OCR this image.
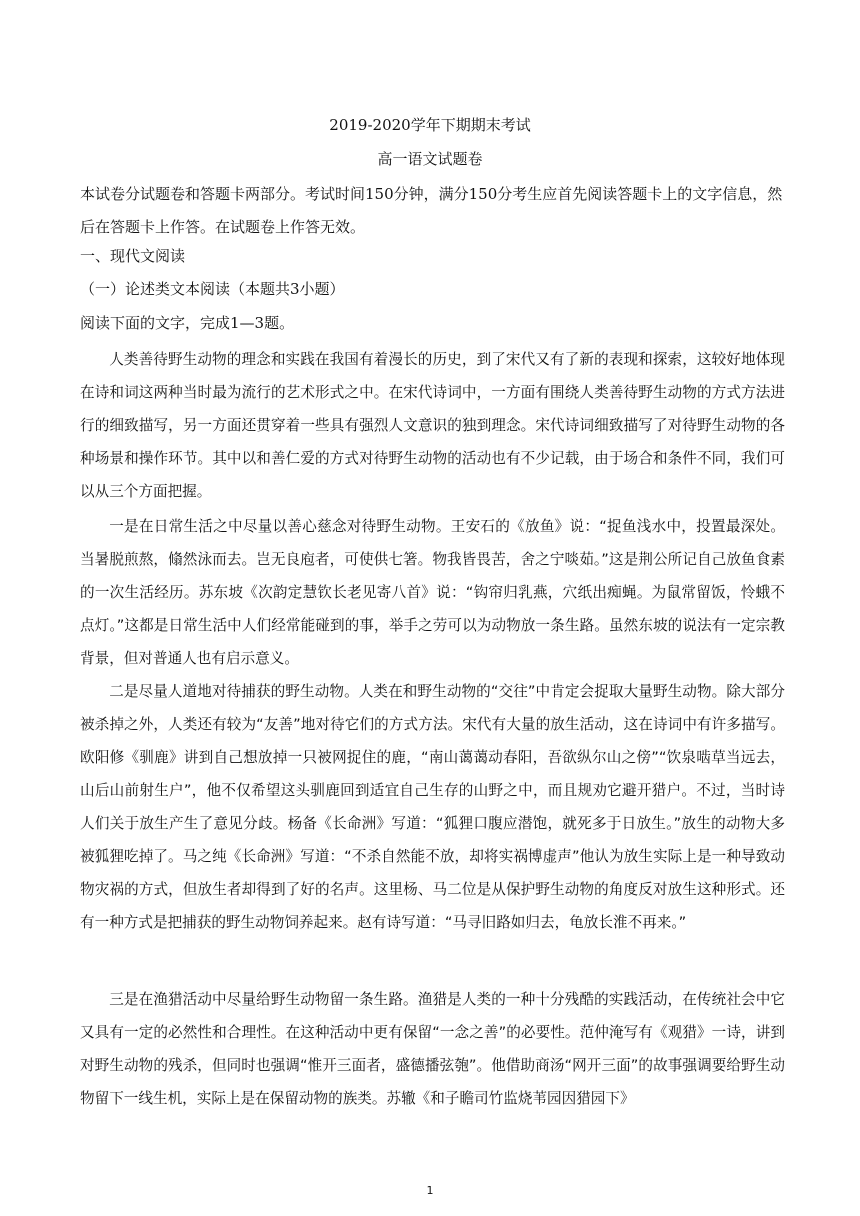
2019-2020学年下期期末考试
高一语文试题卷
本试卷分试题卷和答题卡两部分。考试时间150分钟，满分150分考生应首先阅读答题卡上的文字信息，然后在答题卡上作答。在试题卷上作答无效。
一、现代文阅读
（一）论述类文本阅读（本题共3小题）
阅读下面的文字，完成1—3题。

人类善待野生动物的理念和实践在我国有着漫长的历史，到了宋代又有了新的表现和探索，这较好地体现在诗和词这两种当时最为流行的艺术形式之中。在宋代诗词中，一方面有围绕人类善待野生动物的方式方法进行的细致描写，另一方面还贯穿着一些具有强烈人文意识的独到理念。宋代诗词细致描写了对待野生动物的各种场景和操作环节。其中以和善仁爱的方式对待野生动物的活动也有不少记载，由于场合和条件不同，我们可以从三个方面把握。

一是在日常生活之中尽量以善心慈念对待野生动物。王安石的《放鱼》说：“捉鱼浅水中，投置最深处。当暑脱煎熬，翛然泳而去。岂无良庖者，可使供七箸。物我皆畏苦，舍之宁啖茹。”这是荆公所记自己放鱼食素的一次生活经历。苏东坡《次韵定慧钦长老见寄八首》说：“钩帘归乳燕，穴纸出痴蝇。为鼠常留饭，怜蛾不点灯。”这都是日常生活中人们经常能碰到的事，举手之劳可以为动物放一条生路。虽然东坡的说法有一定宗教背景，但对普通人也有启示意义。

二是尽量人道地对待捕获的野生动物。人类在和野生动物的“交往”中肯定会捉取大量野生动物。除大部分被杀掉之外，人类还有较为“友善”地对待它们的方式方法。宋代有大量的放生活动，这在诗词中有许多描写。欧阳修《驯鹿》讲到自己想放掉一只被网捉住的鹿，“南山蔼蔼动春阳，吾欲纵尔山之傍”“饮泉啮草当远去，山后山前射生户”，他不仅希望这头驯鹿回到适宜自己生存的山野之中，而且规劝它避开猎户。不过，当时诗人们关于放生产生了意见分歧。杨备《长命洲》写道：“狐狸口腹应潜饱，就死多于日放生。”放生的动物大多被狐狸吃掉了。马之纯《长命洲》写道：“不杀自然能不放，却将实祸博虚声”他认为放生实际上是一种导致动物灾祸的方式，但放生者却得到了好的名声。这里杨、马二位是从保护野生动物的角度反对放生这种形式。还有一种方式是把捕获的野生动物饲养起来。赵有诗写道：“马寻旧路如归去，龟放长淮不再来。”

三是在渔猎活动中尽量给野生动物留一条生路。渔猎是人类的一种十分残酷的实践活动，在传统社会中它又具有一定的必然性和合理性。在这种活动中更有保留“一念之善”的必要性。范仲淹写有《观猎》一诗，讲到对野生动物的残杀，但同时也强调“惟开三面者，盛德播弦匏”。他借助商汤“网开三面”的故事强调要给野生动物留下一线生机，实际上是在保留动物的族类。苏辙《和子瞻司竹监烧苇园因猎园下》

1
